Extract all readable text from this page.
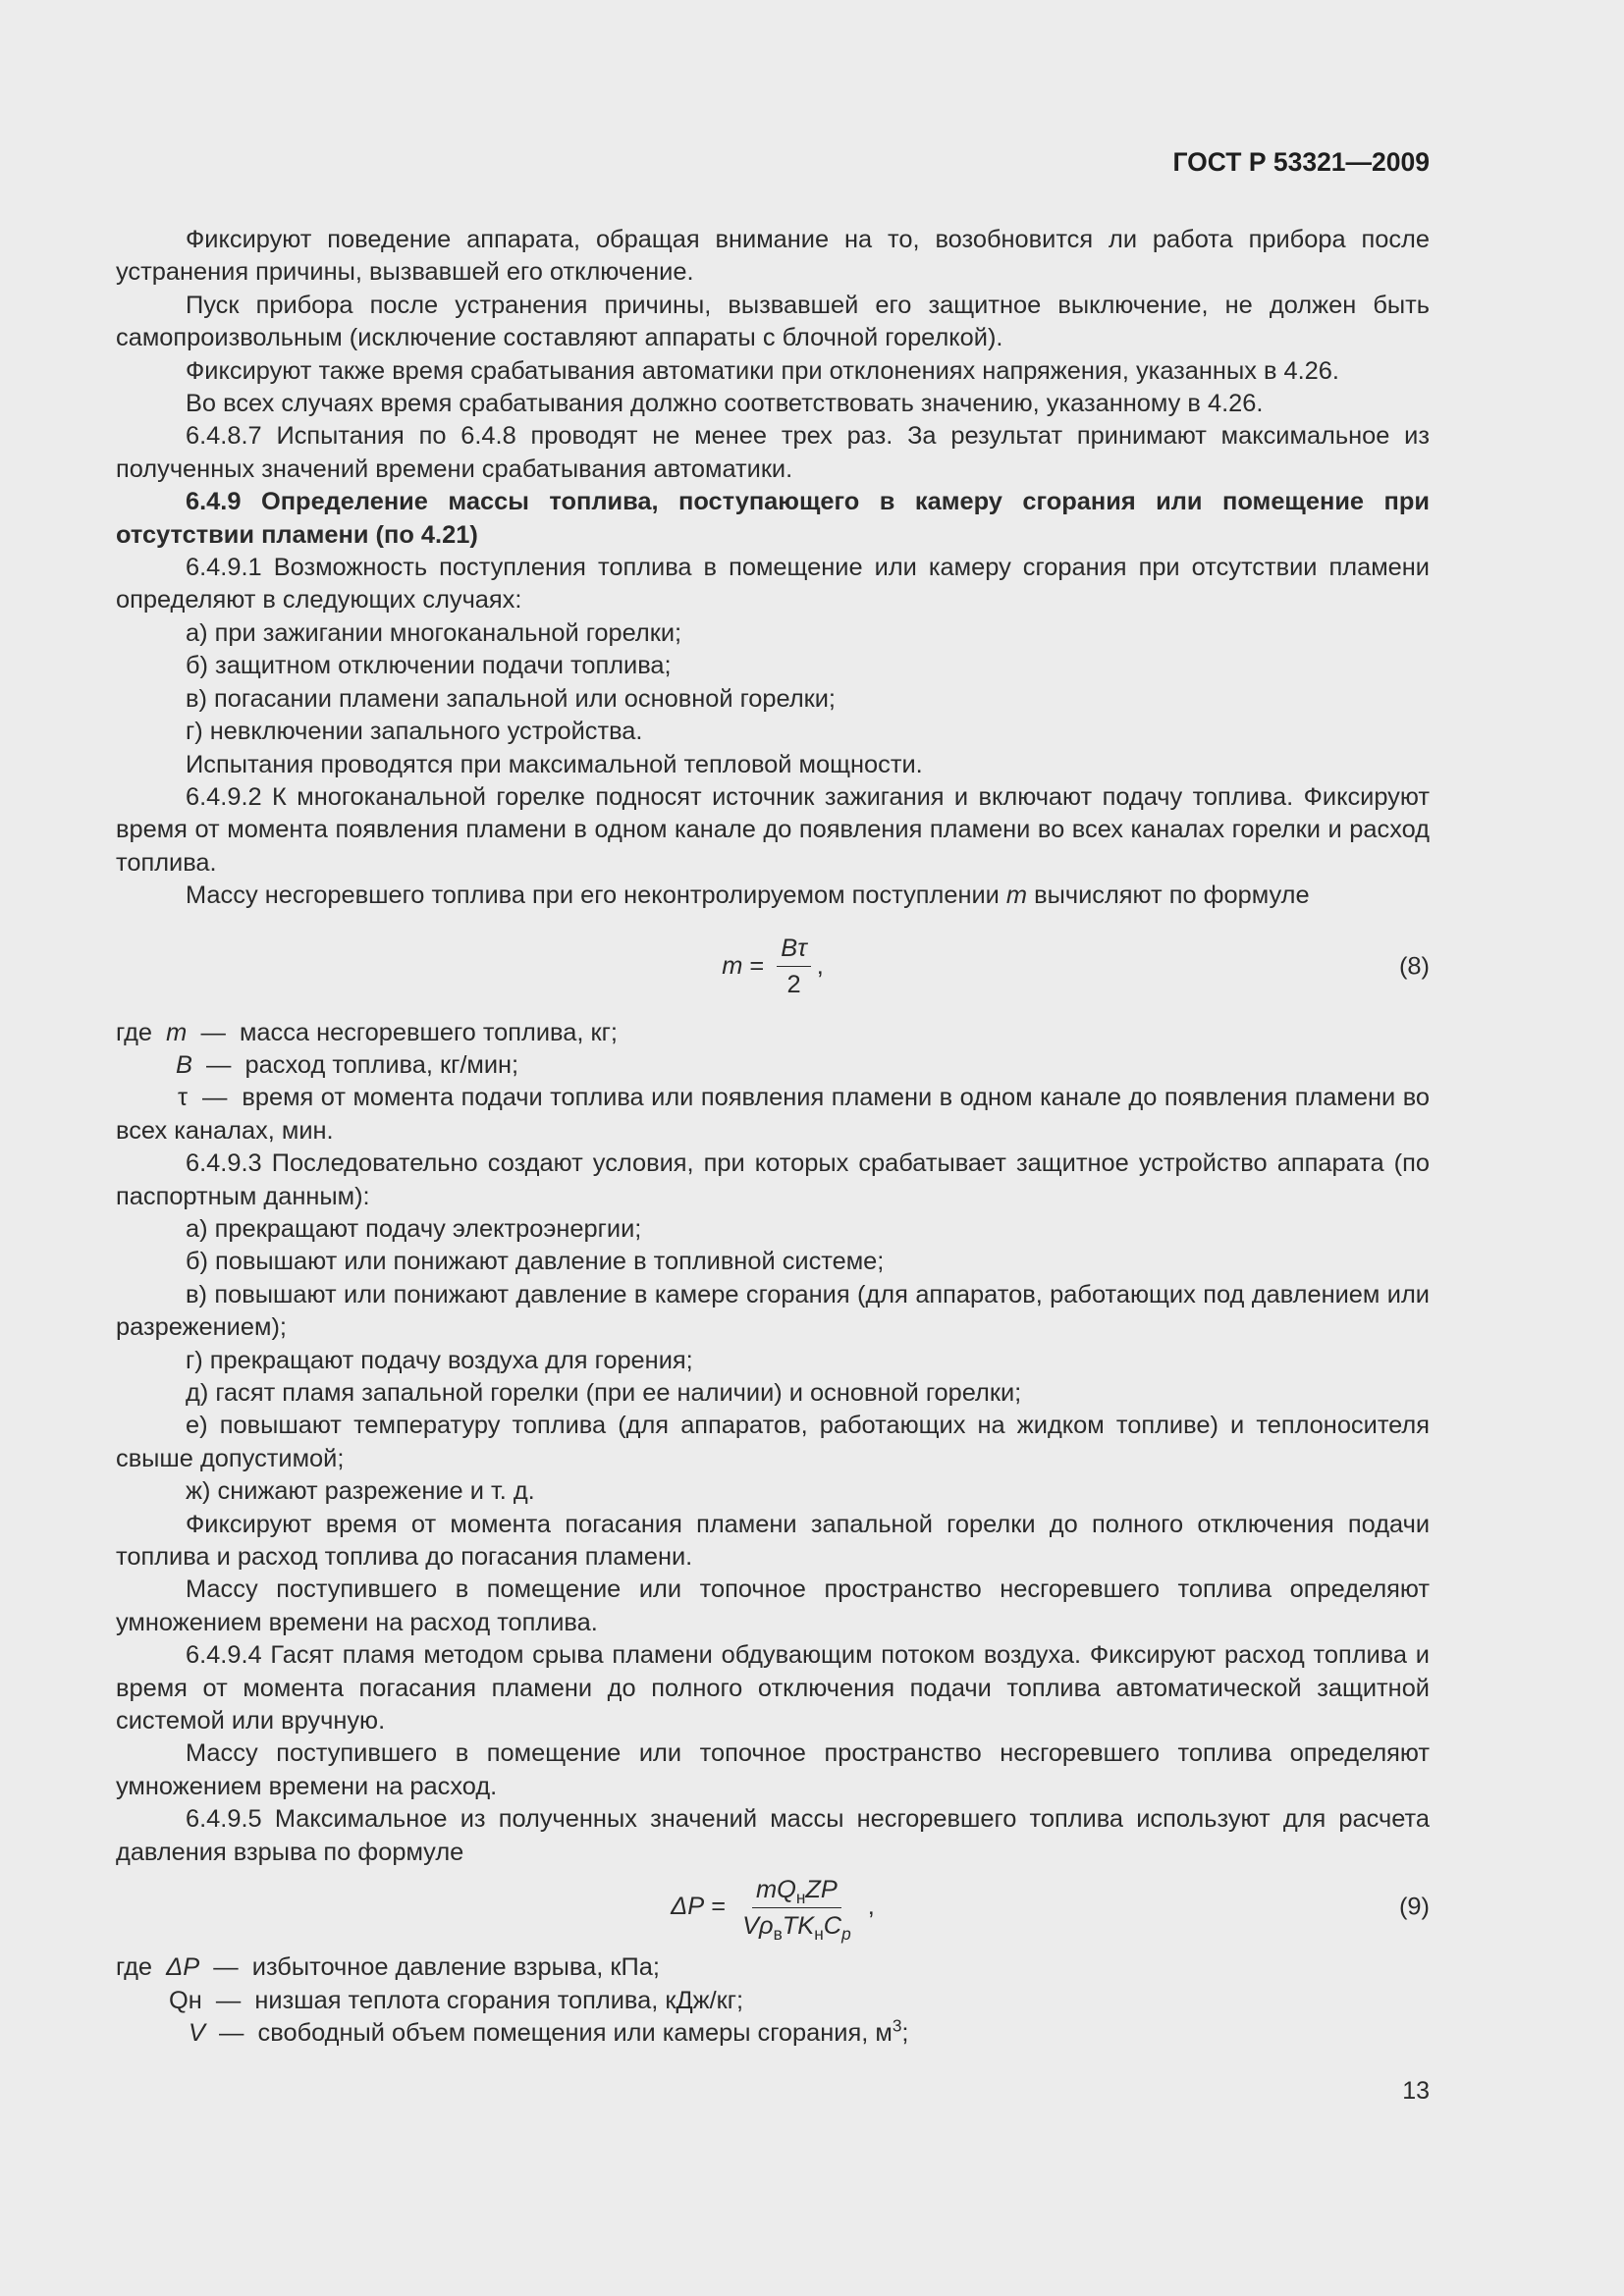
ГОСТ Р 53321—2009

Фиксируют поведение аппарата, обращая внимание на то, возобновится ли работа прибора после устранения причины, вызвавшей его отключение.

Пуск прибора после устранения причины, вызвавшей его защитное выключение, не должен быть самопроизвольным (исключение составляют аппараты с блочной горелкой).

Фиксируют также время срабатывания автоматики при отклонениях напряжения, указанных в 4.26.

Во всех случаях время срабатывания должно соответствовать значению, указанному в 4.26.

6.4.8.7 Испытания по 6.4.8 проводят не менее трех раз. За результат принимают максимальное из полученных значений времени срабатывания автоматики.

6.4.9 Определение массы топлива, поступающего в камеру сгорания или помещение при отсутствии пламени (по 4.21)

6.4.9.1 Возможность поступления топлива в помещение или камеру сгорания при отсутствии пламени определяют в следующих случаях:

а) при зажигании многоканальной горелки;

б) защитном отключении подачи топлива;

в) погасании пламени запальной или основной горелки;

г) невключении запального устройства.

Испытания проводятся при максимальной тепловой мощности.

6.4.9.2 К многоканальной горелке подносят источник зажигания и включают подачу топлива. Фиксируют время от момента появления пламени в одном канале до появления пламени во всех каналах горелки и расход топлива.

Массу несгоревшего топлива при его неконтролируемом поступлении m вычисляют по формуле

$m = \frac{B\tau}{2}$ ,	(8)

где m — масса несгоревшего топлива, кг;

B — расход топлива, кг/мин;

τ — время от момента подачи топлива или появления пламени в одном канале до появления пламени во всех каналах, мин.

6.4.9.3 Последовательно создают условия, при которых срабатывает защитное устройство аппарата (по паспортным данным):

а) прекращают подачу электроэнергии;

б) повышают или понижают давление в топливной системе;

в) повышают или понижают давление в камере сгорания (для аппаратов, работающих под давлением или разрежением);

г) прекращают подачу воздуха для горения;

д) гасят пламя запальной горелки (при ее наличии) и основной горелки;

е) повышают температуру топлива (для аппаратов, работающих на жидком топливе) и теплоносителя свыше допустимой;

ж) снижают разрежение и т. д.

Фиксируют время от момента погасания пламени запальной горелки до полного отключения подачи топлива и расход топлива до погасания пламени.

Массу поступившего в помещение или топочное пространство несгоревшего топлива определяют умножением времени на расход топлива.

6.4.9.4 Гасят пламя методом срыва пламени обдувающим потоком воздуха. Фиксируют расход топлива и время от момента погасания пламени до полного отключения подачи топлива автоматической защитной системой или вручную.

Массу поступившего в помещение или топочное пространство несгоревшего топлива определяют умножением времени на расход.

6.4.9.5 Максимальное из полученных значений массы несгоревшего топлива используют для расчета давления взрыва по формуле

$\Delta P = \frac{mQ_нZP}{V\rho_вTK_нC_p}$ ,	(9)

где ΔP — избыточное давление взрыва, кПа;

Qн — низшая теплота сгорания топлива, кДж/кг;

V — свободный объем помещения или камеры сгорания, $м^3$;

13
